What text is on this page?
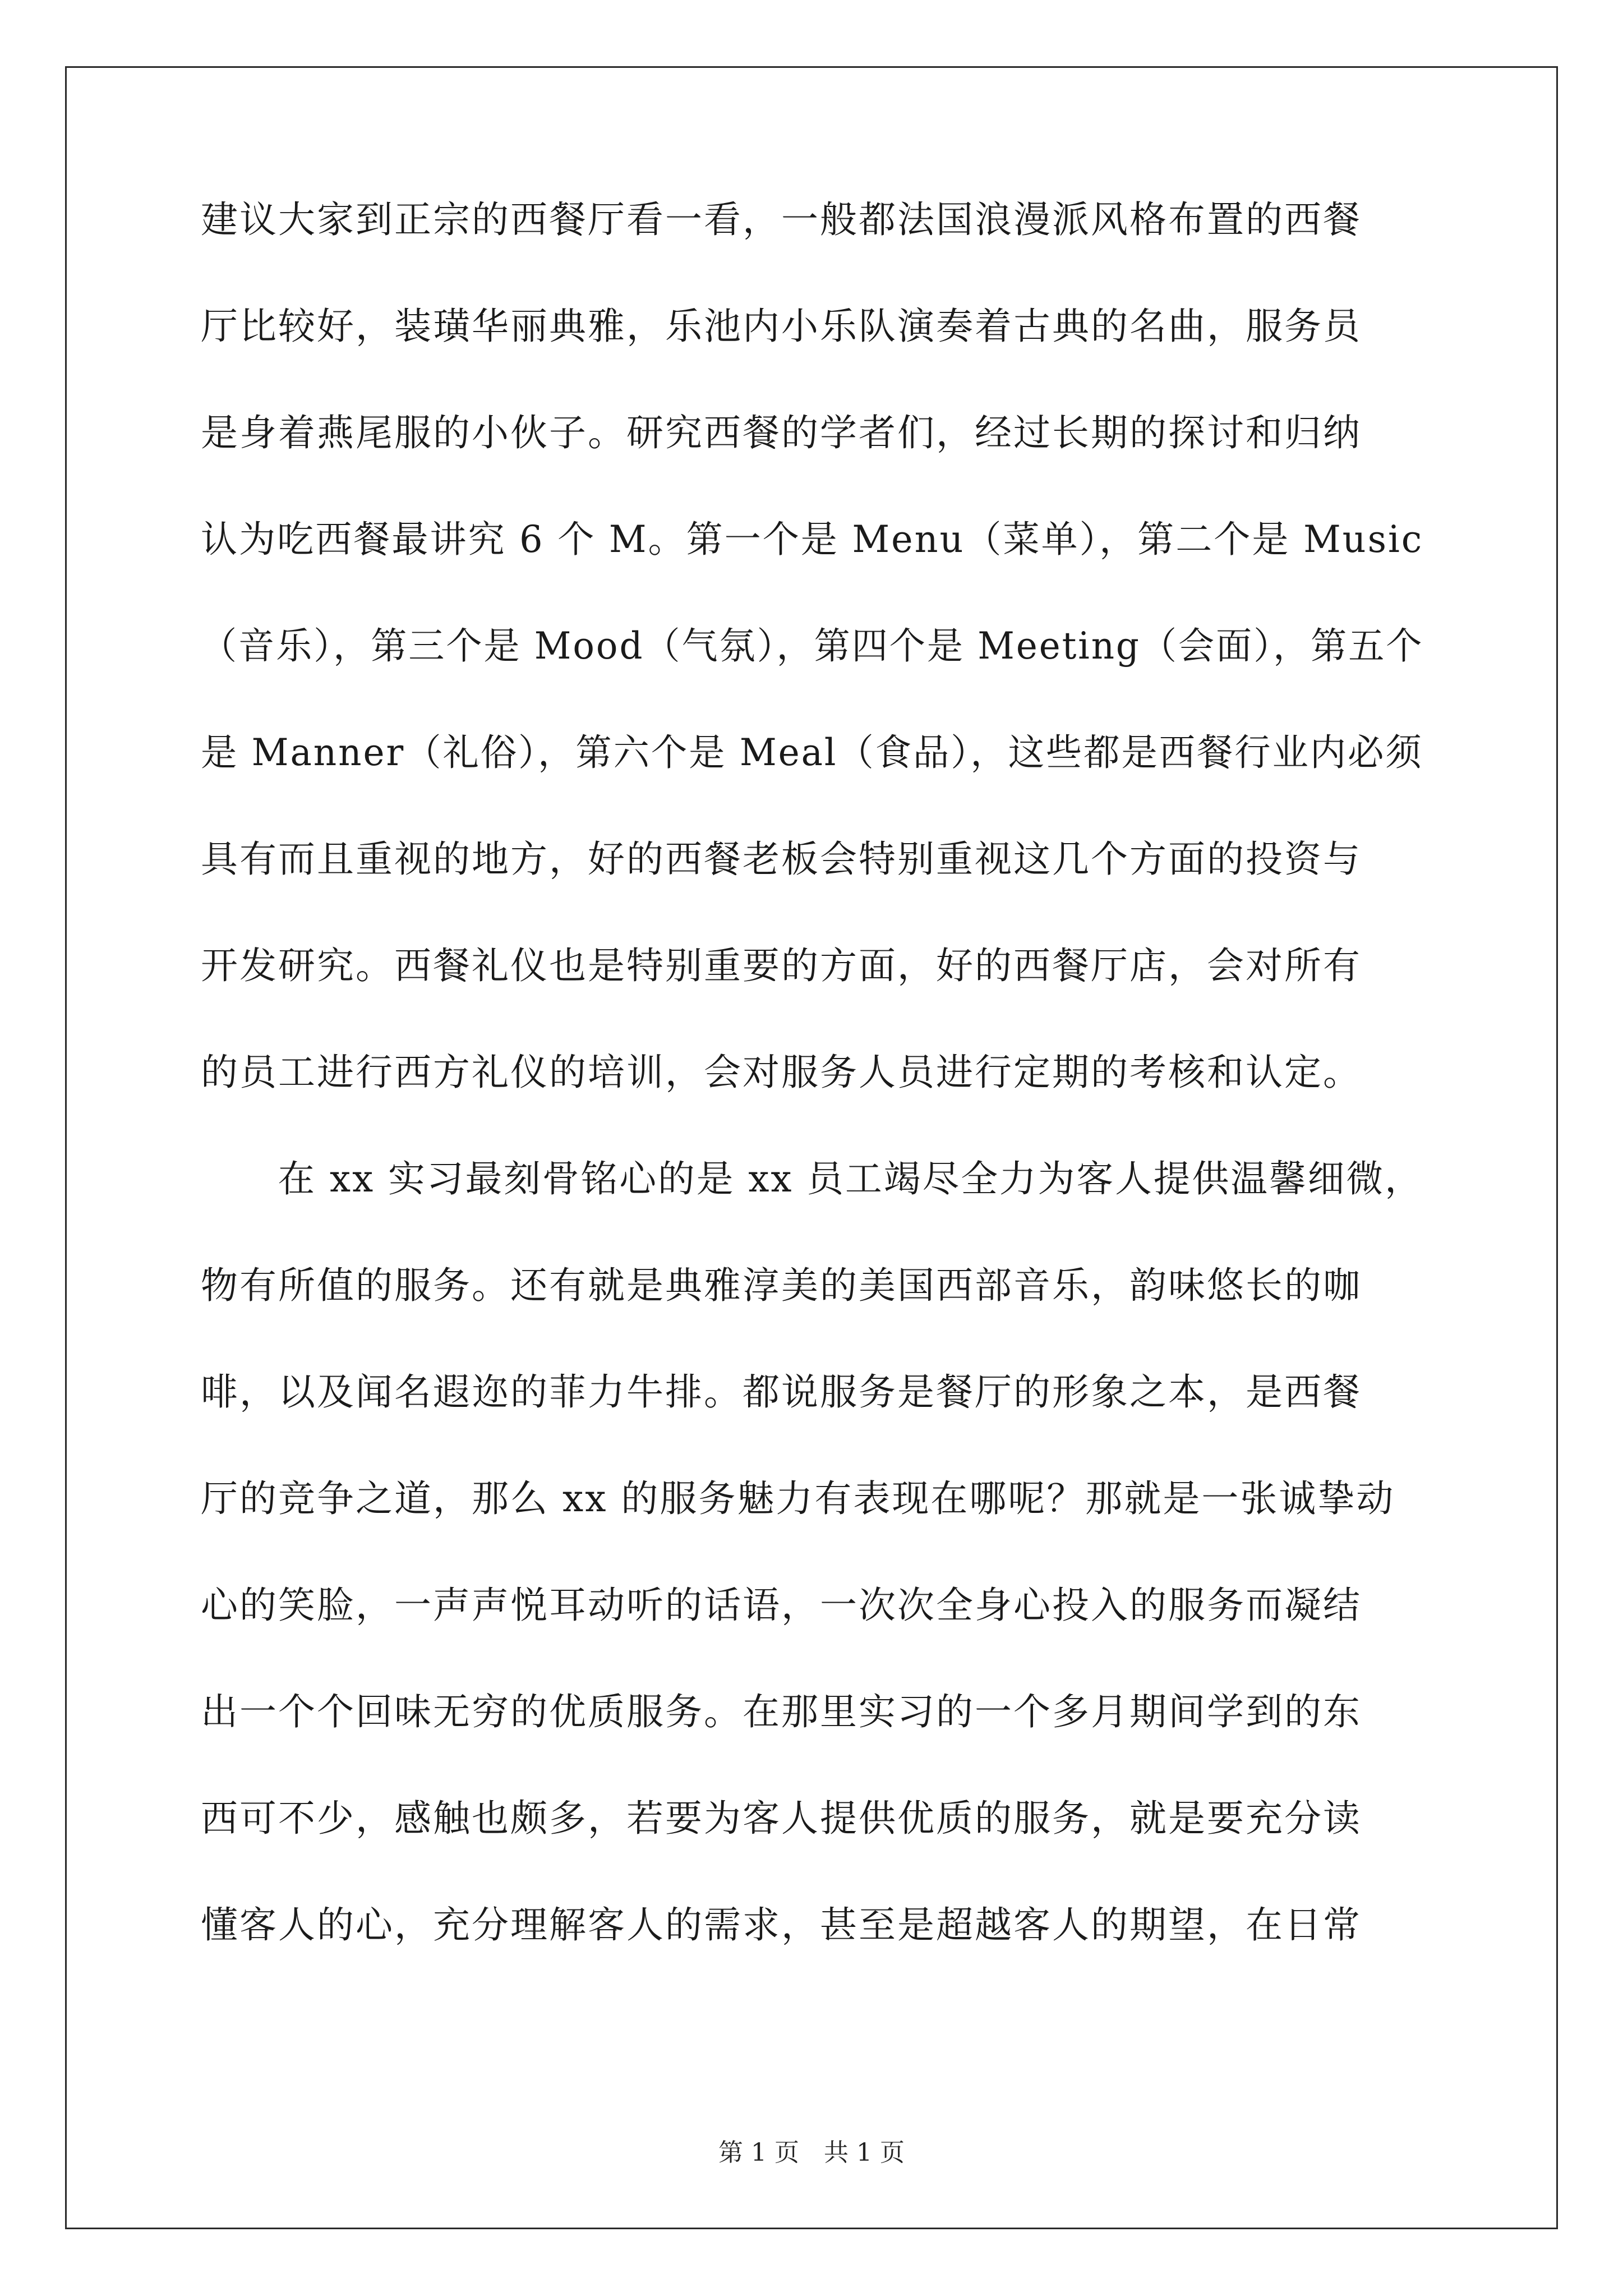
建议大家到正宗的西餐厅看一看，一般都法国浪漫派风格布置的西餐
厅比较好，装璜华丽典雅，乐池内小乐队演奏着古典的名曲，服务员
是身着燕尾服的小伙子。研究西餐的学者们，经过长期的探讨和归纳
认为吃西餐最讲究 6 个 M。第一个是 Menu（菜单），第二个是 Music
（音乐），第三个是 Mood（气氛），第四个是 Meeting（会面），第五个
是 Manner（礼俗），第六个是 Meal（食品），这些都是西餐行业内必须
具有而且重视的地方，好的西餐老板会特别重视这几个方面的投资与
开发研究。西餐礼仪也是特别重要的方面，好的西餐厅店，会对所有
的员工进行西方礼仪的培训，会对服务人员进行定期的考核和认定。
　　在 xx 实习最刻骨铭心的是 xx 员工竭尽全力为客人提供温馨细微，
物有所值的服务。还有就是典雅淳美的美国西部音乐，韵味悠长的咖
啡，以及闻名遐迩的菲力牛排。都说服务是餐厅的形象之本，是西餐
厅的竞争之道，那么 xx 的服务魅力有表现在哪呢？那就是一张诚挚动
心的笑脸，一声声悦耳动听的话语，一次次全身心投入的服务而凝结
出一个个回味无穷的优质服务。在那里实习的一个多月期间学到的东
西可不少，感触也颇多，若要为客人提供优质的服务，就是要充分读
懂客人的心，充分理解客人的需求，甚至是超越客人的期望，在日常
第 1 页　共 1 页
